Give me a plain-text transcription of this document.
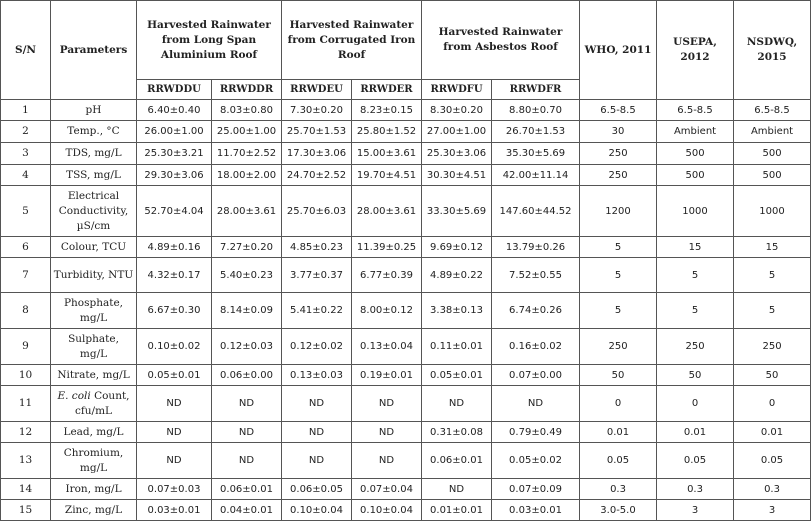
S/N	Parameters	Harvested Rainwater from Long Span Aluminium Roof		Harvested Rainwater from Corrugated Iron Roof		Harvested Rainwater from Asbestos Roof		WHO, 2011	USEPA, 2012	NSDWQ, 2015
		RRWDDU	RRWDDR	RRWDEU	RRWDER	RRWDFU	RRWDFR			
1	pH	6.40±0.40	8.03±0.80	7.30±0.20	8.23±0.15	8.30±0.20	8.80±0.70	6.5-8.5	6.5-8.5	6.5-8.5
2	Temp., °C	26.00±1.00	25.00±1.00	25.70±1.53	25.80±1.52	27.00±1.00	26.70±1.53	30	Ambient	Ambient
3	TDS, mg/L	25.30±3.21	11.70±2.52	17.30±3.06	15.00±3.61	25.30±3.06	35.30±5.69	250	500	500
4	TSS, mg/L	29.30±3.06	18.00±2.00	24.70±2.52	19.70±4.51	30.30±4.51	42.00±11.14	250	500	500
5	Electrical Conductivity, µS/cm	52.70±4.04	28.00±3.61	25.70±6.03	28.00±3.61	33.30±5.69	147.60±44.52	1200	1000	1000
6	Colour, TCU	4.89±0.16	7.27±0.20	4.85±0.23	11.39±0.25	9.69±0.12	13.79±0.26	5	15	15
7	Turbidity, NTU	4.32±0.17	5.40±0.23	3.77±0.37	6.77±0.39	4.89±0.22	7.52±0.55	5	5	5
8	Phosphate, mg/L	6.67±0.30	8.14±0.09	5.41±0.22	8.00±0.12	3.38±0.13	6.74±0.26	5	5	5
9	Sulphate, mg/L	0.10±0.02	0.12±0.03	0.12±0.02	0.13±0.04	0.11±0.01	0.16±0.02	250	250	250
10	Nitrate, mg/L	0.05±0.01	0.06±0.00	0.13±0.03	0.19±0.01	0.05±0.01	0.07±0.00	50	50	50
11	E. coli Count, cfu/mL	ND	ND	ND	ND	ND	ND	0	0	0
12	Lead, mg/L	ND	ND	ND	ND	0.31±0.08	0.79±0.49	0.01	0.01	0.01
13	Chromium, mg/L	ND	ND	ND	ND	0.06±0.01	0.05±0.02	0.05	0.05	0.05
14	Iron, mg/L	0.07±0.03	0.06±0.01	0.06±0.05	0.07±0.04	ND	0.07±0.09	0.3	0.3	0.3
15	Zinc, mg/L	0.03±0.01	0.04±0.01	0.10±0.04	0.10±0.04	0.01±0.01	0.03±0.01	3.0-5.0	3	3
